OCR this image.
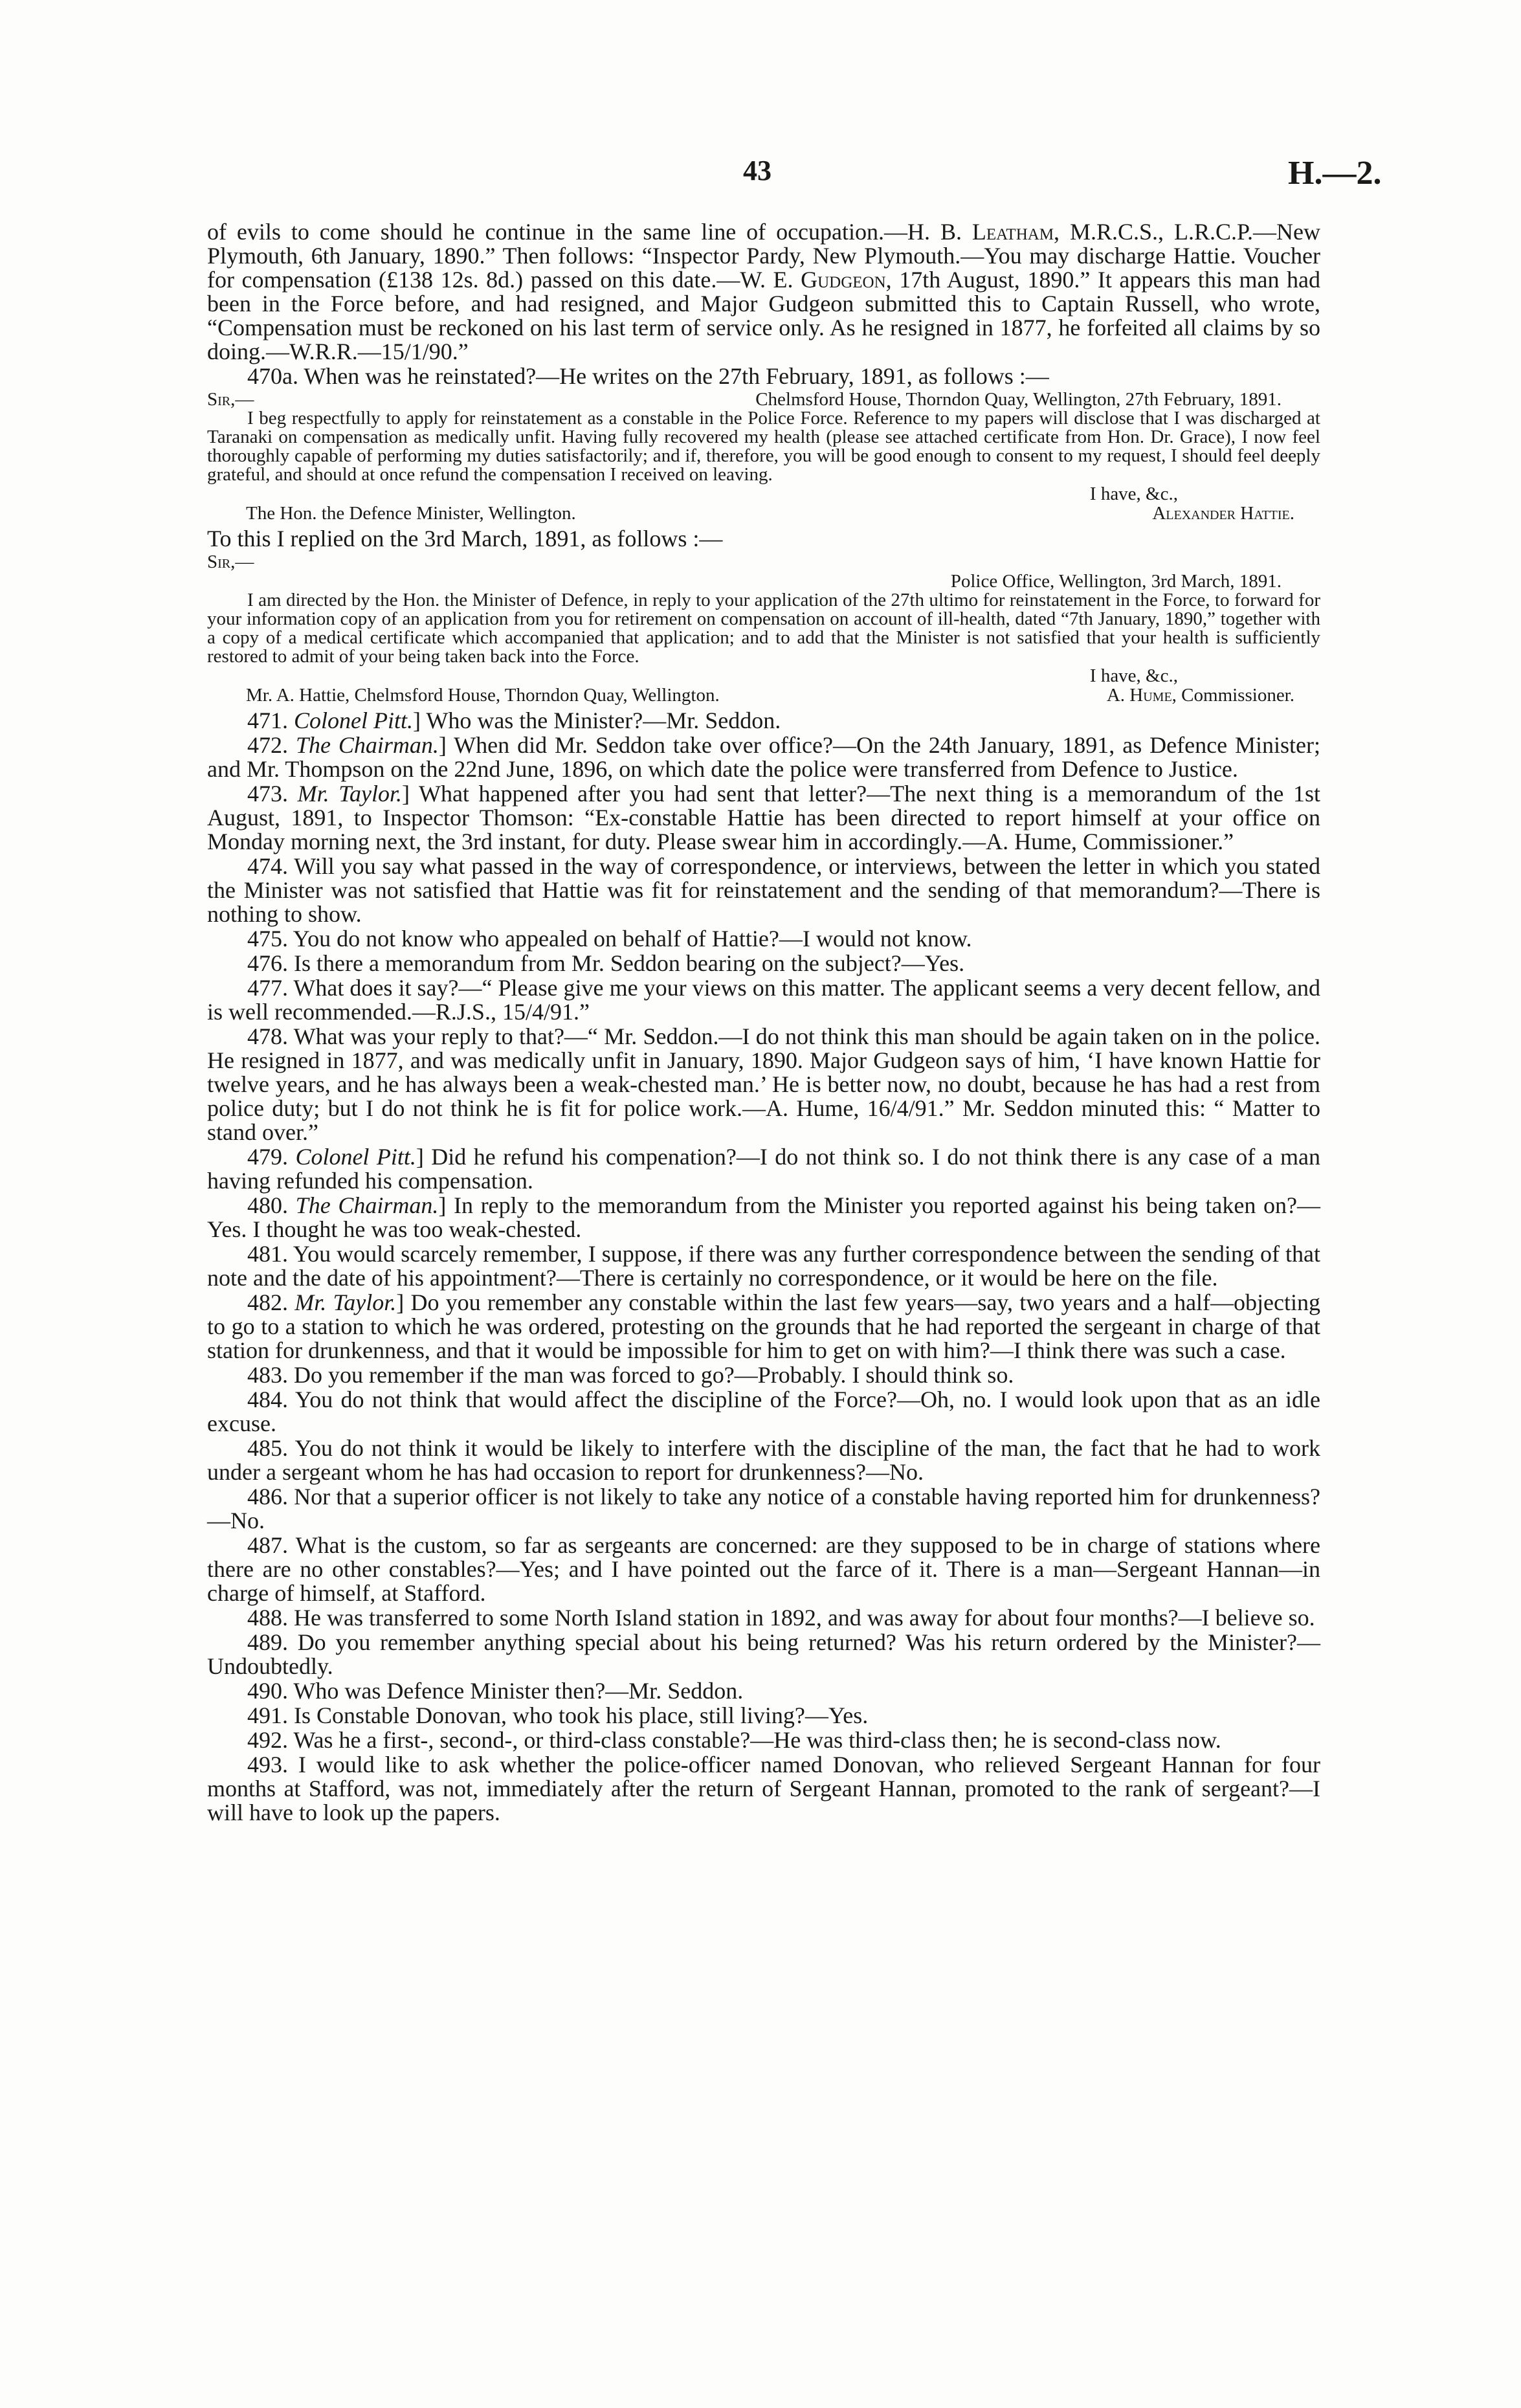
43	H.—2.

of evils to come should he continue in the same line of occupation.—H. B. Leatham, M.R.C.S., L.R.C.P.—New Plymouth, 6th January, 1890.” Then follows: “Inspector Pardy, New Plymouth.—You may discharge Hattie. Voucher for compensation (£138 12s. 8d.) passed on this date.—W. E. Gudgeon, 17th August, 1890.” It appears this man had been in the Force before, and had resigned, and Major Gudgeon submitted this to Captain Russell, who wrote, “Compensation must be reckoned on his last term of service only. As he resigned in 1877, he forfeited all claims by so doing.—W.R.R.—15/1/90.”

470a. When was he reinstated?—He writes on the 27th February, 1891, as follows :—

Sir,—	Chelmsford House, Thorndon Quay, Wellington, 27th February, 1891.

I beg respectfully to apply for reinstatement as a constable in the Police Force. Reference to my papers will disclose that I was discharged at Taranaki on compensation as medically unfit. Having fully recovered my health (please see attached certificate from Hon. Dr. Grace), I now feel thoroughly capable of performing my duties satisfactorily; and if, therefore, you will be good enough to consent to my request, I should feel deeply grateful, and should at once refund the compensation I received on leaving.

I have, &c.,
The Hon. the Defence Minister, Wellington.	Alexander Hattie.

To this I replied on the 3rd March, 1891, as follows :—

Sir,—
Police Office, Wellington, 3rd March, 1891.

I am directed by the Hon. the Minister of Defence, in reply to your application of the 27th ultimo for reinstatement in the Force, to forward for your information copy of an application from you for retirement on compensation on account of ill-health, dated “7th January, 1890,” together with a copy of a medical certificate which accompanied that application; and to add that the Minister is not satisfied that your health is sufficiently restored to admit of your being taken back into the Force.

I have, &c.,
Mr. A. Hattie, Chelmsford House, Thorndon Quay, Wellington.	A. Hume, Commissioner.

471. Colonel Pitt.] Who was the Minister?—Mr. Seddon.

472. The Chairman.] When did Mr. Seddon take over office?—On the 24th January, 1891, as Defence Minister; and Mr. Thompson on the 22nd June, 1896, on which date the police were transferred from Defence to Justice.

473. Mr. Taylor.] What happened after you had sent that letter?—The next thing is a memorandum of the 1st August, 1891, to Inspector Thomson: “Ex-constable Hattie has been directed to report himself at your office on Monday morning next, the 3rd instant, for duty. Please swear him in accordingly.—A. Hume, Commissioner.”

474. Will you say what passed in the way of correspondence, or interviews, between the letter in which you stated the Minister was not satisfied that Hattie was fit for reinstatement and the sending of that memorandum?—There is nothing to show.

475. You do not know who appealed on behalf of Hattie?—I would not know.

476. Is there a memorandum from Mr. Seddon bearing on the subject?—Yes.

477. What does it say?—“ Please give me your views on this matter. The applicant seems a very decent fellow, and is well recommended.—R.J.S., 15/4/91.”

478. What was your reply to that?—“ Mr. Seddon.—I do not think this man should be again taken on in the police. He resigned in 1877, and was medically unfit in January, 1890. Major Gudgeon says of him, ‘I have known Hattie for twelve years, and he has always been a weak-chested man.’ He is better now, no doubt, because he has had a rest from police duty; but I do not think he is fit for police work.—A. Hume, 16/4/91.” Mr. Seddon minuted this: “ Matter to stand over.”

479. Colonel Pitt.] Did he refund his compenation?—I do not think so. I do not think there is any case of a man having refunded his compensation.

480. The Chairman.] In reply to the memorandum from the Minister you reported against his being taken on?—Yes. I thought he was too weak-chested.

481. You would scarcely remember, I suppose, if there was any further correspondence between the sending of that note and the date of his appointment?—There is certainly no correspondence, or it would be here on the file.

482. Mr. Taylor.] Do you remember any constable within the last few years—say, two years and a half—objecting to go to a station to which he was ordered, protesting on the grounds that he had reported the sergeant in charge of that station for drunkenness, and that it would be impossible for him to get on with him?—I think there was such a case.

483. Do you remember if the man was forced to go?—Probably. I should think so.

484. You do not think that would affect the discipline of the Force?—Oh, no. I would look upon that as an idle excuse.

485. You do not think it would be likely to interfere with the discipline of the man, the fact that he had to work under a sergeant whom he has had occasion to report for drunkenness?—No.

486. Nor that a superior officer is not likely to take any notice of a constable having reported him for drunkenness?—No.

487. What is the custom, so far as sergeants are concerned: are they supposed to be in charge of stations where there are no other constables?—Yes; and I have pointed out the farce of it. There is a man—Sergeant Hannan—in charge of himself, at Stafford.

488. He was transferred to some North Island station in 1892, and was away for about four months?—I believe so.

489. Do you remember anything special about his being returned? Was his return ordered by the Minister?—Undoubtedly.

490. Who was Defence Minister then?—Mr. Seddon.

491. Is Constable Donovan, who took his place, still living?—Yes.

492. Was he a first-, second-, or third-class constable?—He was third-class then; he is second-class now.

493. I would like to ask whether the police-officer named Donovan, who relieved Sergeant Hannan for four months at Stafford, was not, immediately after the return of Sergeant Hannan, promoted to the rank of sergeant?—I will have to look up the papers.
